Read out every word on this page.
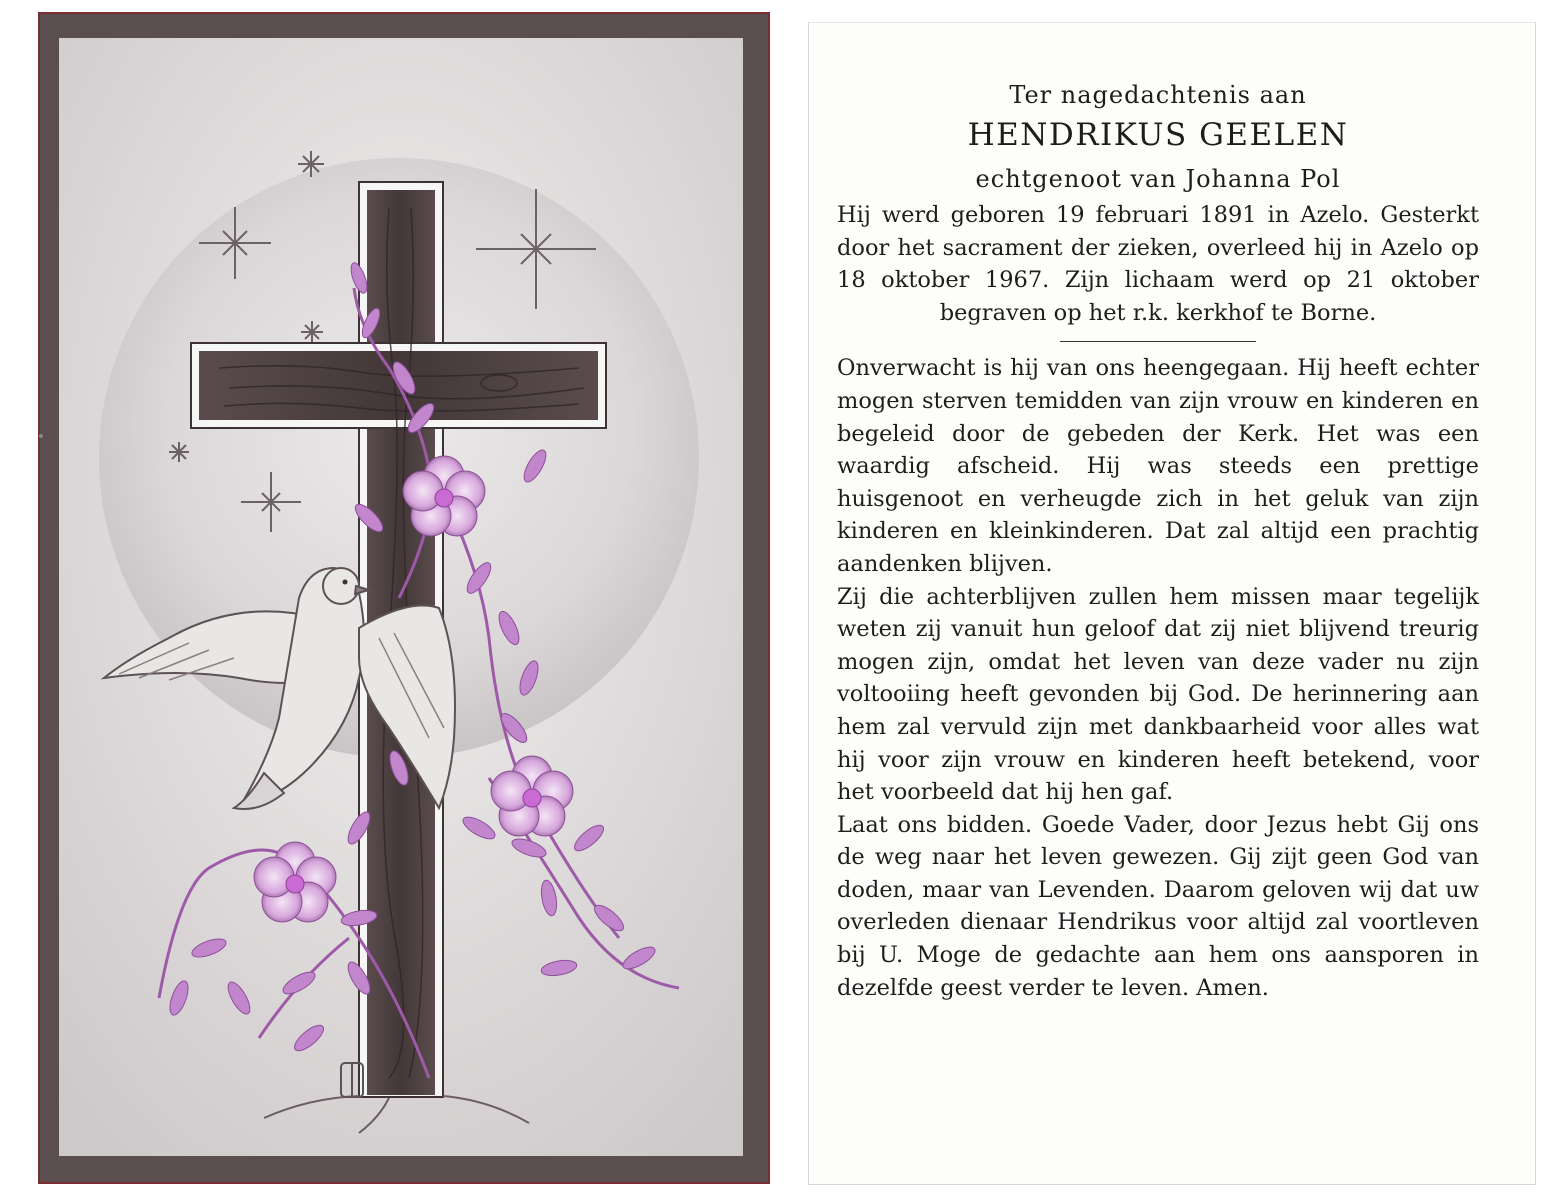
Ter nagedachtenis aan

HENDRIKUS GEELEN

echtgenoot van Johanna Pol

Hij werd geboren 19 februari 1891 in Azelo. Gesterkt door het sacrament der zieken, overleed hij in Azelo op 18 oktober 1967. Zijn lichaam werd op 21 oktober begraven op het r.k. kerkhof te Borne.

Onverwacht is hij van ons heengegaan. Hij heeft echter mogen sterven temidden van zijn vrouw en kinderen en begeleid door de gebeden der Kerk. Het was een waardig afscheid. Hij was steeds een prettige huisgenoot en verheugde zich in het geluk van zijn kinderen en kleinkinderen. Dat zal altijd een prachtig aandenken blijven.

Zij die achterblijven zullen hem missen maar tegelijk weten zij vanuit hun geloof dat zij niet blijvend treurig mogen zijn, omdat het leven van deze vader nu zijn voltooiing heeft gevonden bij God. De herinnering aan hem zal vervuld zijn met dankbaarheid voor alles wat hij voor zijn vrouw en kinderen heeft betekend, voor het voorbeeld dat hij hen gaf.

Laat ons bidden. Goede Vader, door Jezus hebt Gij ons de weg naar het leven gewezen. Gij zijt geen God van doden, maar van Levenden. Daarom geloven wij dat uw overleden dienaar Hendrikus voor altijd zal voortleven bij U. Moge de gedachte aan hem ons aansporen in dezelfde geest verder te leven. Amen.
